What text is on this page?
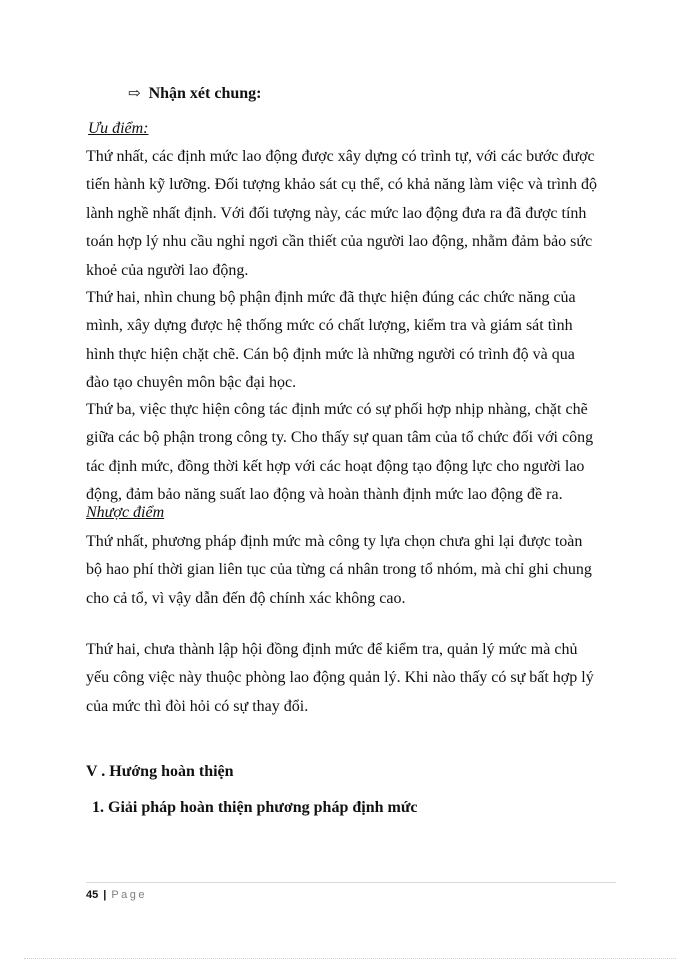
⇨ Nhận xét chung:
Ưu điểm:
Thứ nhất, các định mức lao động được xây dựng có trình tự, với các bước được
tiến hành kỹ lưỡng. Đối tượng khảo sát cụ thể, có khả năng làm việc và trình độ
lành nghề nhất định. Với đối tượng này, các mức lao động đưa ra đã được tính
toán hợp lý nhu cầu nghỉ ngơi cần thiết của người lao động, nhằm đảm bảo sức
khoẻ của người lao động.
Thứ hai, nhìn chung bộ phận định mức đã thực hiện đúng các chức năng của
mình, xây dựng được hệ thống mức có chất lượng, kiểm tra và giám sát tình
hình thực hiện chặt chẽ. Cán bộ định mức là những người có trình độ và qua
đào tạo chuyên môn bậc đại học.
Thứ ba, việc thực hiện công tác định mức có sự phối hợp nhịp nhàng, chặt chẽ
giữa các bộ phận trong công ty. Cho thấy sự quan tâm của tổ chức đối với công
tác định mức, đồng thời kết hợp với các hoạt động tạo động lực cho người lao
động, đảm bảo năng suất lao động và hoàn thành định mức lao động đề ra.
Nhược điểm
Thứ nhất, phương pháp định mức mà công ty lựa chọn chưa ghi lại được toàn
bộ hao phí thời gian liên tục của từng cá nhân trong tổ nhóm, mà chỉ ghi chung
cho cả tổ, vì vậy dẫn đến độ chính xác không cao.
Thứ hai, chưa thành lập hội đồng định mức để kiểm tra, quản lý mức mà chủ
yếu công việc này thuộc phòng lao động quản lý. Khi nào thấy có sự bất hợp lý
của mức thì đòi hỏi có sự thay đổi.
V . Hướng hoàn thiện
1. Giải pháp hoàn thiện phương pháp định mức
45 | Page
